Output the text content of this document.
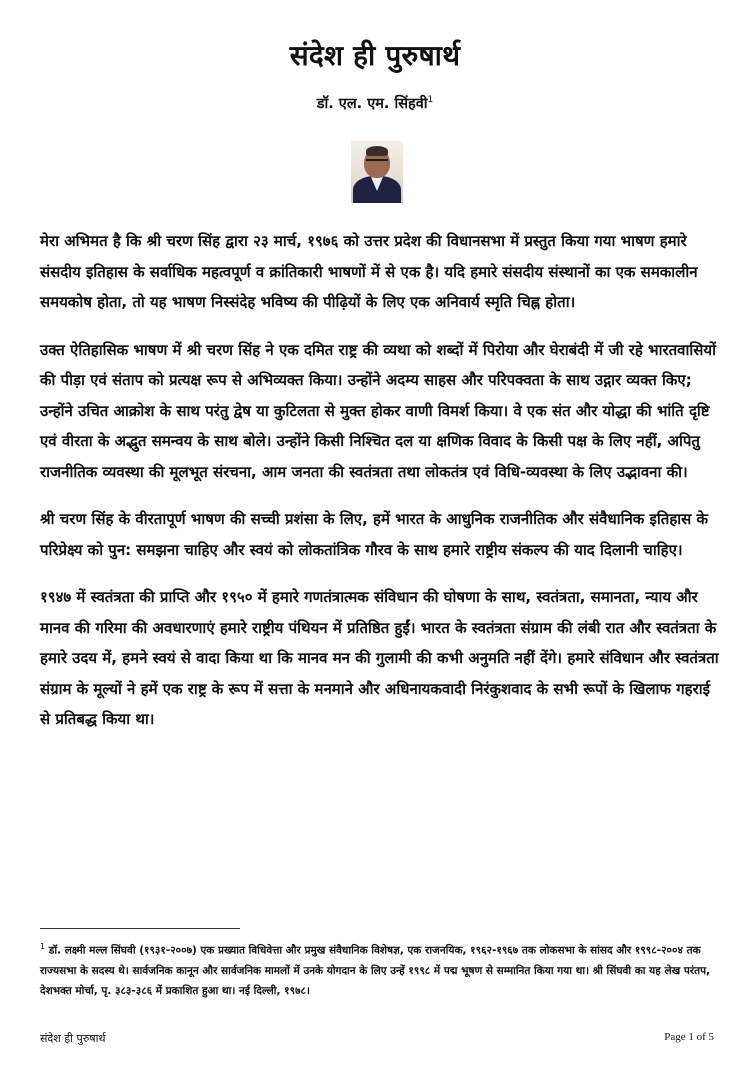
संदेश ही पुरुषार्थ
डॉ. एल. एम. सिंहवी$^1$

मेरा अभिमत है कि श्री चरण सिंह द्वारा २३ मार्च, १९७६ को उत्तर प्रदेश की विधानसभा में प्रस्तुत किया गया भाषण हमारे संसदीय इतिहास के सर्वाधिक महत्वपूर्ण व क्रांतिकारी भाषणों में से एक है। यदि हमारे संसदीय संस्थानों का एक समकालीन समयकोष होता, तो यह भाषण निस्संदेह भविष्य की पीढ़ियों के लिए एक अनिवार्य स्मृति चिह्न होता।

उक्त ऐतिहासिक भाषण में श्री चरण सिंह ने एक दमित राष्ट्र की व्यथा को शब्दों में पिरोया और घेराबंदी में जी रहे भारतवासियों की पीड़ा एवं संताप को प्रत्यक्ष रूप से अभिव्यक्त किया। उन्होंने अदम्य साहस और परिपक्वता के साथ उद्गार व्यक्त किए; उन्होंने उचित आक्रोश के साथ परंतु द्वेष या कुटिलता से मुक्त होकर वाणी विमर्श किया। वे एक संत और योद्धा की भांति दृष्टि एवं वीरता के अद्भुत समन्वय के साथ बोले। उन्होंने किसी निश्चित दल या क्षणिक विवाद के किसी पक्ष के लिए नहीं, अपितु राजनीतिक व्यवस्था की मूलभूत संरचना, आम जनता की स्वतंत्रता तथा लोकतंत्र एवं विधि-व्यवस्था के लिए उद्भावना की।

श्री चरण सिंह के वीरतापूर्ण भाषण की सच्ची प्रशंसा के लिए, हमें भारत के आधुनिक राजनीतिक और संवैधानिक इतिहास के परिप्रेक्ष्य को पुन: समझना चाहिए और स्वयं को लोकतांत्रिक गौरव के साथ हमारे राष्ट्रीय संकल्प की याद दिलानी चाहिए।

१९४७ में स्वतंत्रता की प्राप्ति और १९५० में हमारे गणतंत्रात्मक संविधान की घोषणा के साथ, स्वतंत्रता, समानता, न्याय और मानव की गरिमा की अवधारणाएं हमारे राष्ट्रीय पंथियन में प्रतिष्ठित हुईं। भारत के स्वतंत्रता संग्राम की लंबी रात और स्वतंत्रता के हमारे उदय में, हमने स्वयं से वादा किया था कि मानव मन की गुलामी की कभी अनुमति नहीं देंगे। हमारे संविधान और स्वतंत्रता संग्राम के मूल्यों ने हमें एक राष्ट्र के रूप में सत्ता के मनमाने और अधिनायकवादी निरंकुशवाद के सभी रूपों के खिलाफ गहराई से प्रतिबद्ध किया था।

$^1$ डॉ. लक्ष्मी मल्ल सिंघवी (१९३१-२००७) एक प्रख्यात विधिवेत्ता और प्रमुख संवैधानिक विशेषज्ञ, एक राजनयिक, १९६२-१९६७ तक लोकसभा के सांसद और १९९८-२००४ तक राज्यसभा के सदस्य थे। सार्वजनिक कानून और सार्वजनिक मामलों में उनके योगदान के लिए उन्हें १९९८ में पद्म भूषण से सम्मानित किया गया था। श्री सिंघवी का यह लेख परंतप, देशभक्त मोर्चा, पृ. ३८३-३८६ में प्रकाशित हुआ था। नई दिल्ली, १९७८।
संदेश ही पुरुषार्थ	Page 1 of 5
